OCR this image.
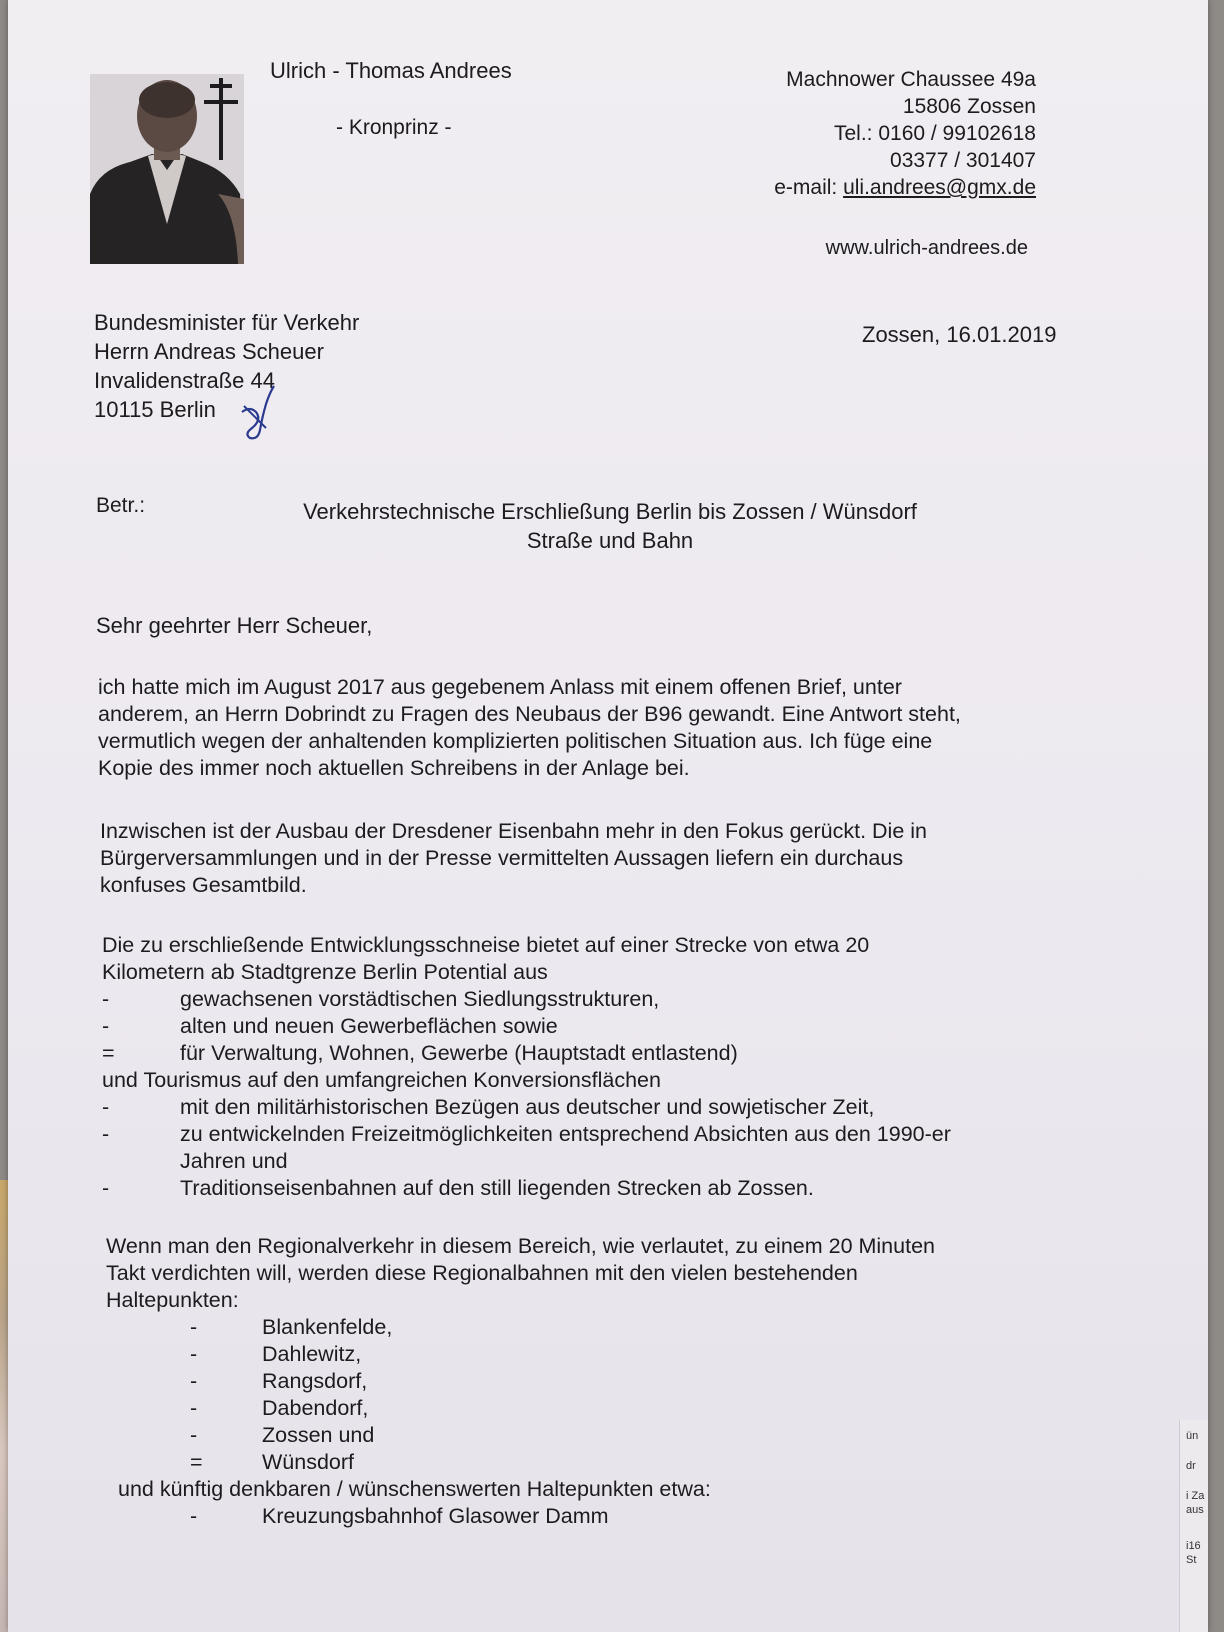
Ulrich - Thomas Andrees
- Kronprinz -
Machnower Chaussee 49a
15806 Zossen
Tel.: 0160 / 99102618
03377 / 301407
e-mail: uli.andrees@gmx.de
www.ulrich-andrees.de
Bundesminister für Verkehr
Herrn Andreas Scheuer
Invalidenstraße 44
10115 Berlin
Zossen, 16.01.2019
Betr.:	Verkehrstechnische Erschließung Berlin bis Zossen / Wünsdorf
Straße und Bahn
Sehr geehrter Herr Scheuer,
ich hatte mich im August 2017 aus gegebenem Anlass mit einem offenen Brief, unter
anderem, an Herrn Dobrindt zu Fragen des Neubaus der B96 gewandt. Eine Antwort steht,
vermutlich wegen der anhaltenden komplizierten politischen Situation aus. Ich füge eine
Kopie des immer noch aktuellen Schreibens in der Anlage bei.
Inzwischen ist der Ausbau der Dresdener Eisenbahn mehr in den Fokus gerückt. Die in
Bürgerversammlungen und in der Presse vermittelten Aussagen liefern ein durchaus
konfuses Gesamtbild.
Die zu erschließende Entwicklungsschneise bietet auf einer Strecke von etwa 20
Kilometern ab Stadtgrenze Berlin Potential aus
-	gewachsenen vorstädtischen Siedlungsstrukturen,
-	alten und neuen Gewerbeflächen sowie
=	für Verwaltung, Wohnen, Gewerbe (Hauptstadt entlastend)
und Tourismus auf den umfangreichen Konversionsflächen
-	mit den militärhistorischen Bezügen aus deutscher und sowjetischer Zeit,
-	zu entwickelnden Freizeitmöglichkeiten entsprechend Absichten aus den 1990-er
Jahren und
-	Traditionseisenbahnen auf den still liegenden Strecken ab Zossen.
Wenn man den Regionalverkehr in diesem Bereich, wie verlautet, zu einem 20 Minuten
Takt verdichten will, werden diese Regionalbahnen mit den vielen bestehenden
Haltepunkten:
-	Blankenfelde,
-	Dahlewitz,
-	Rangsdorf,
-	Dabendorf,
-	Zossen und
=	Wünsdorf
und künftig denkbaren / wünschenswerten Haltepunkten etwa:
-	Kreuzungsbahnhof Glasower Damm
ün
dr
i Za
aus
i16
St
